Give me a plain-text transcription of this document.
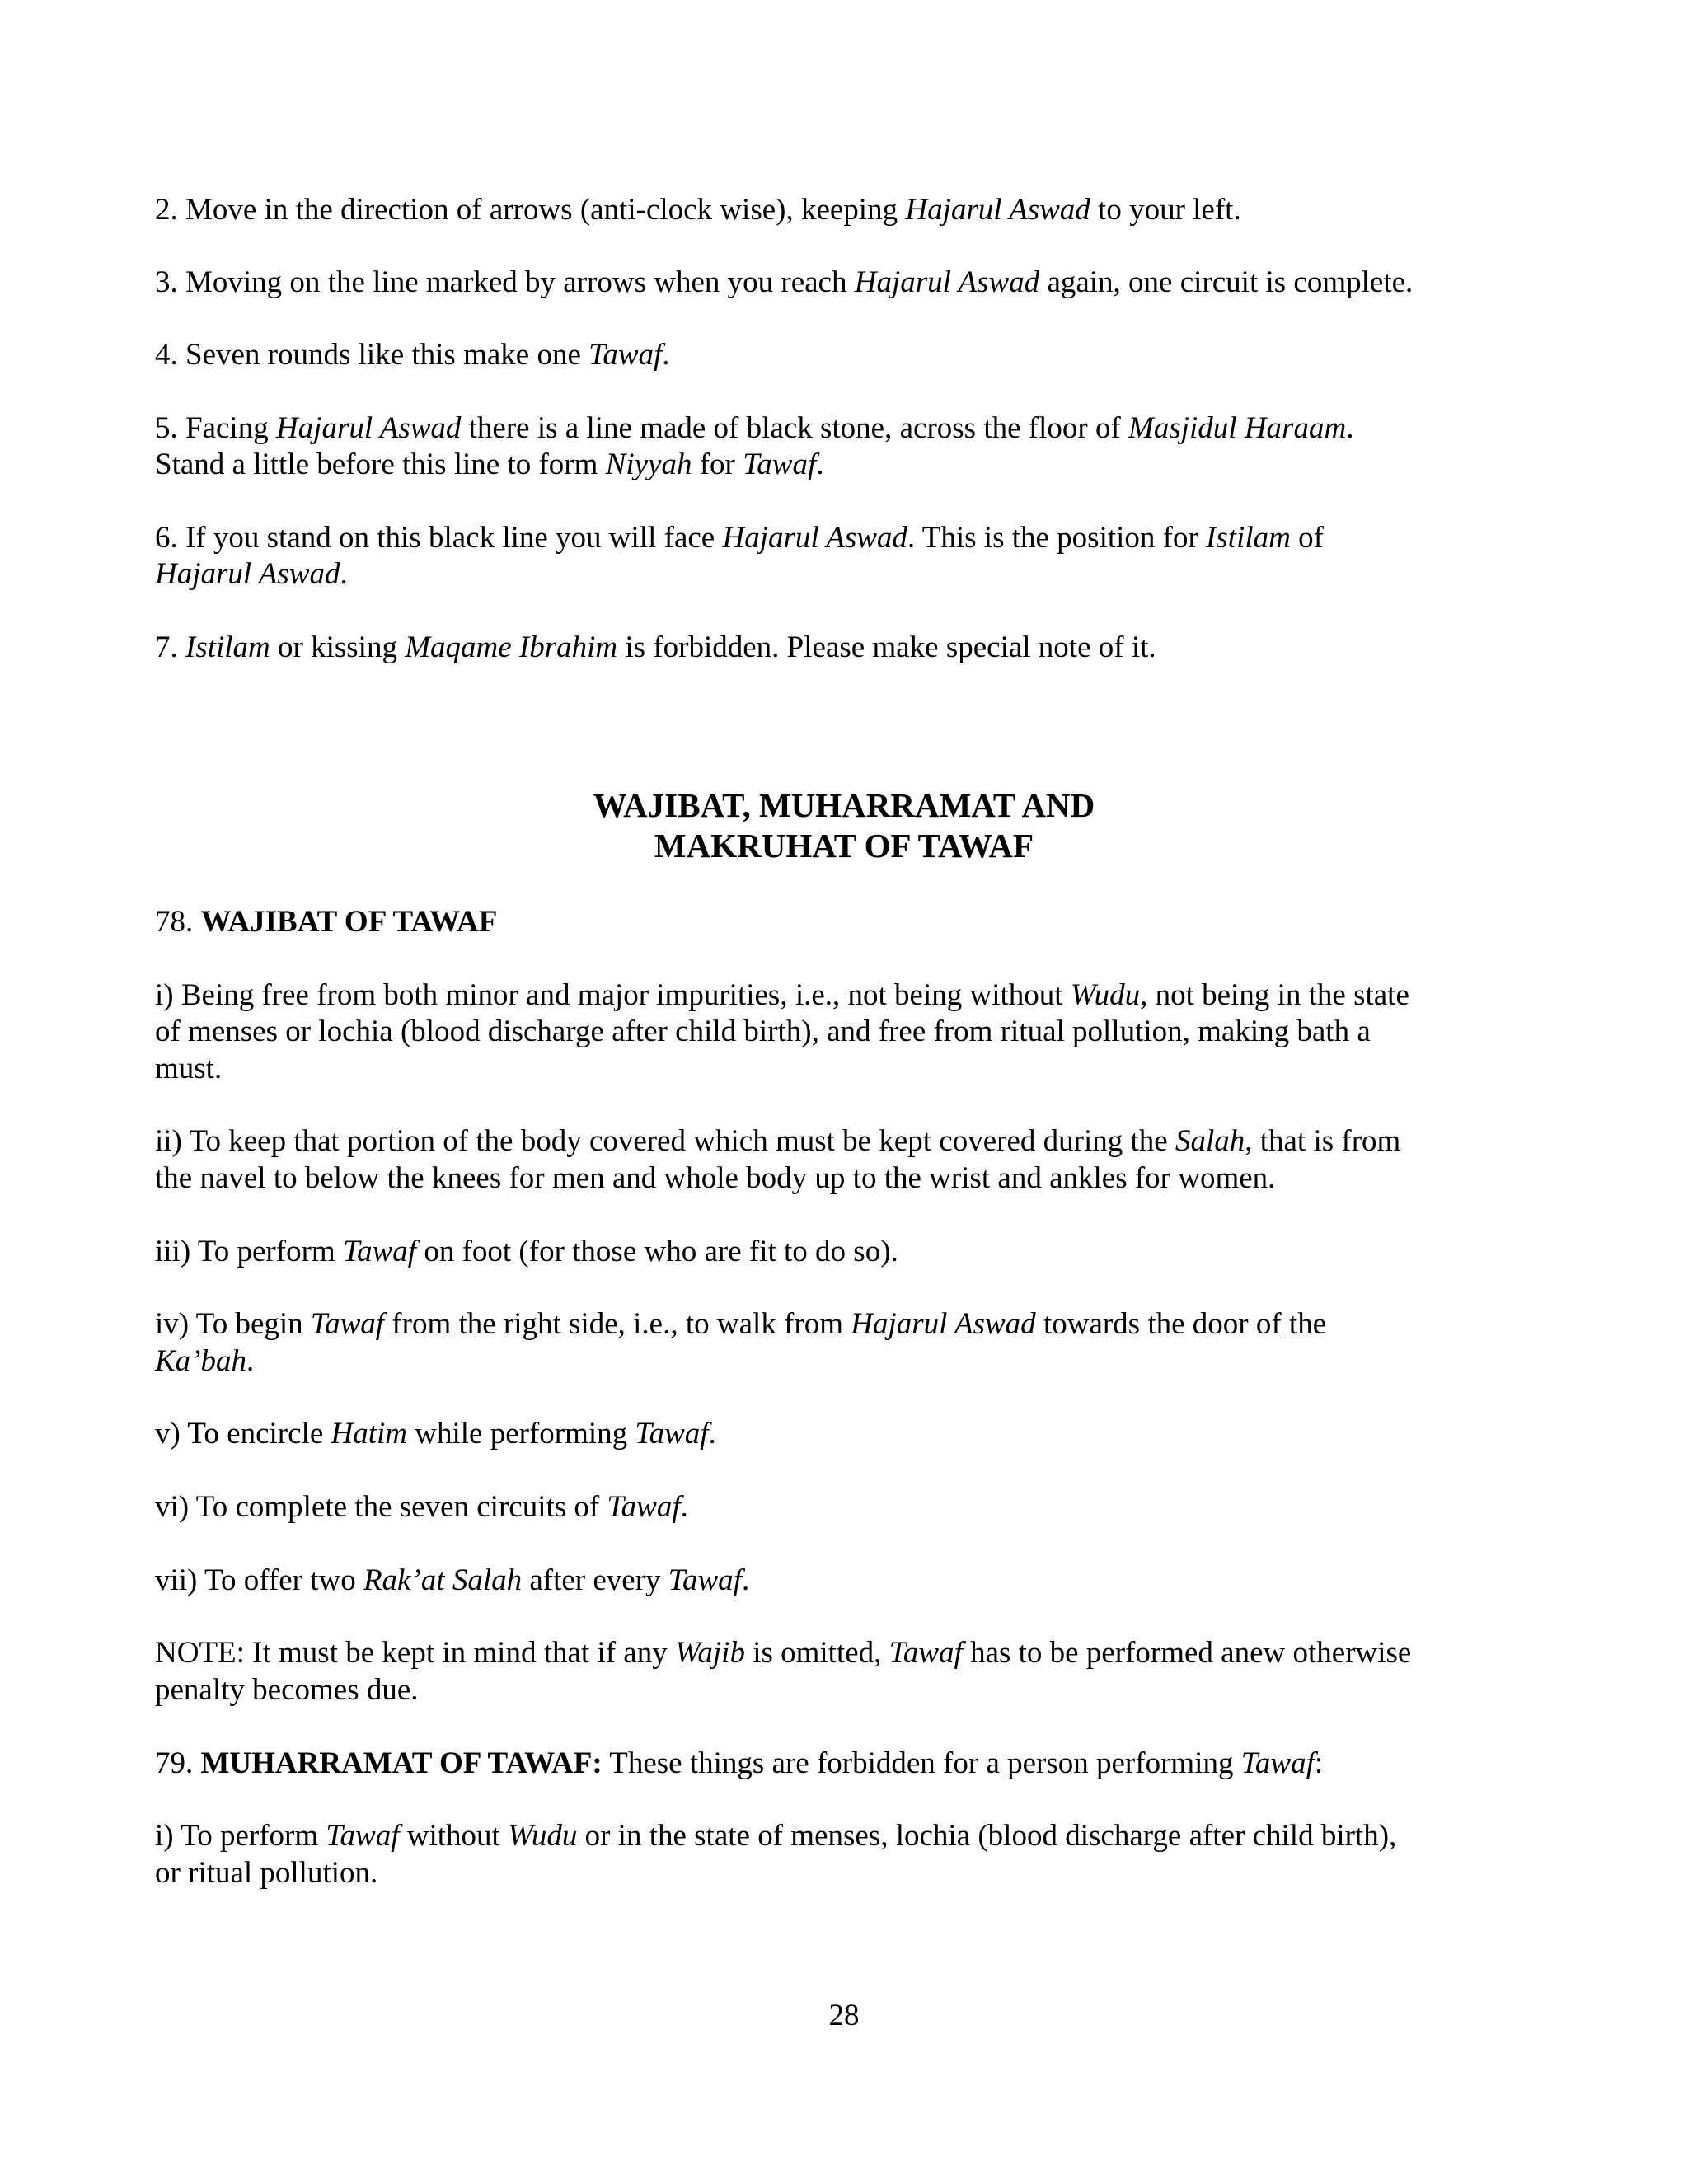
2. Move in the direction of arrows (anti-clock wise), keeping Hajarul Aswad to your left.

3. Moving on the line marked by arrows when you reach Hajarul Aswad again, one circuit is complete.

4. Seven rounds like this make one Tawaf.

5. Facing Hajarul Aswad there is a line made of black stone, across the floor of Masjidul Haraam.

Stand a little before this line to form Niyyah for Tawaf.

6. If you stand on this black line you will face Hajarul Aswad. This is the position for Istilam of

Hajarul Aswad.

7. Istilam or kissing Maqame Ibrahim is forbidden. Please make special note of it.

WAJIBAT, MUHARRAMAT AND
MAKRUHAT OF TAWAF

78. WAJIBAT OF TAWAF

i) Being free from both minor and major impurities, i.e., not being without Wudu, not being in the state

of menses or lochia (blood discharge after child birth), and free from ritual pollution, making bath a

must.

ii) To keep that portion of the body covered which must be kept covered during the Salah, that is from

the navel to below the knees for men and whole body up to the wrist and ankles for women.

iii) To perform Tawaf on foot (for those who are fit to do so).

iv) To begin Tawaf from the right side, i.e., to walk from Hajarul Aswad towards the door of the

Ka’bah.

v) To encircle Hatim while performing Tawaf.

vi) To complete the seven circuits of Tawaf.

vii) To offer two Rak’at Salah after every Tawaf.

NOTE: It must be kept in mind that if any Wajib is omitted, Tawaf has to be performed anew otherwise

penalty becomes due.

79. MUHARRAMAT OF TAWAF: These things are forbidden for a person performing Tawaf:

i) To perform Tawaf without Wudu or in the state of menses, lochia (blood discharge after child birth),

or ritual pollution.

28
